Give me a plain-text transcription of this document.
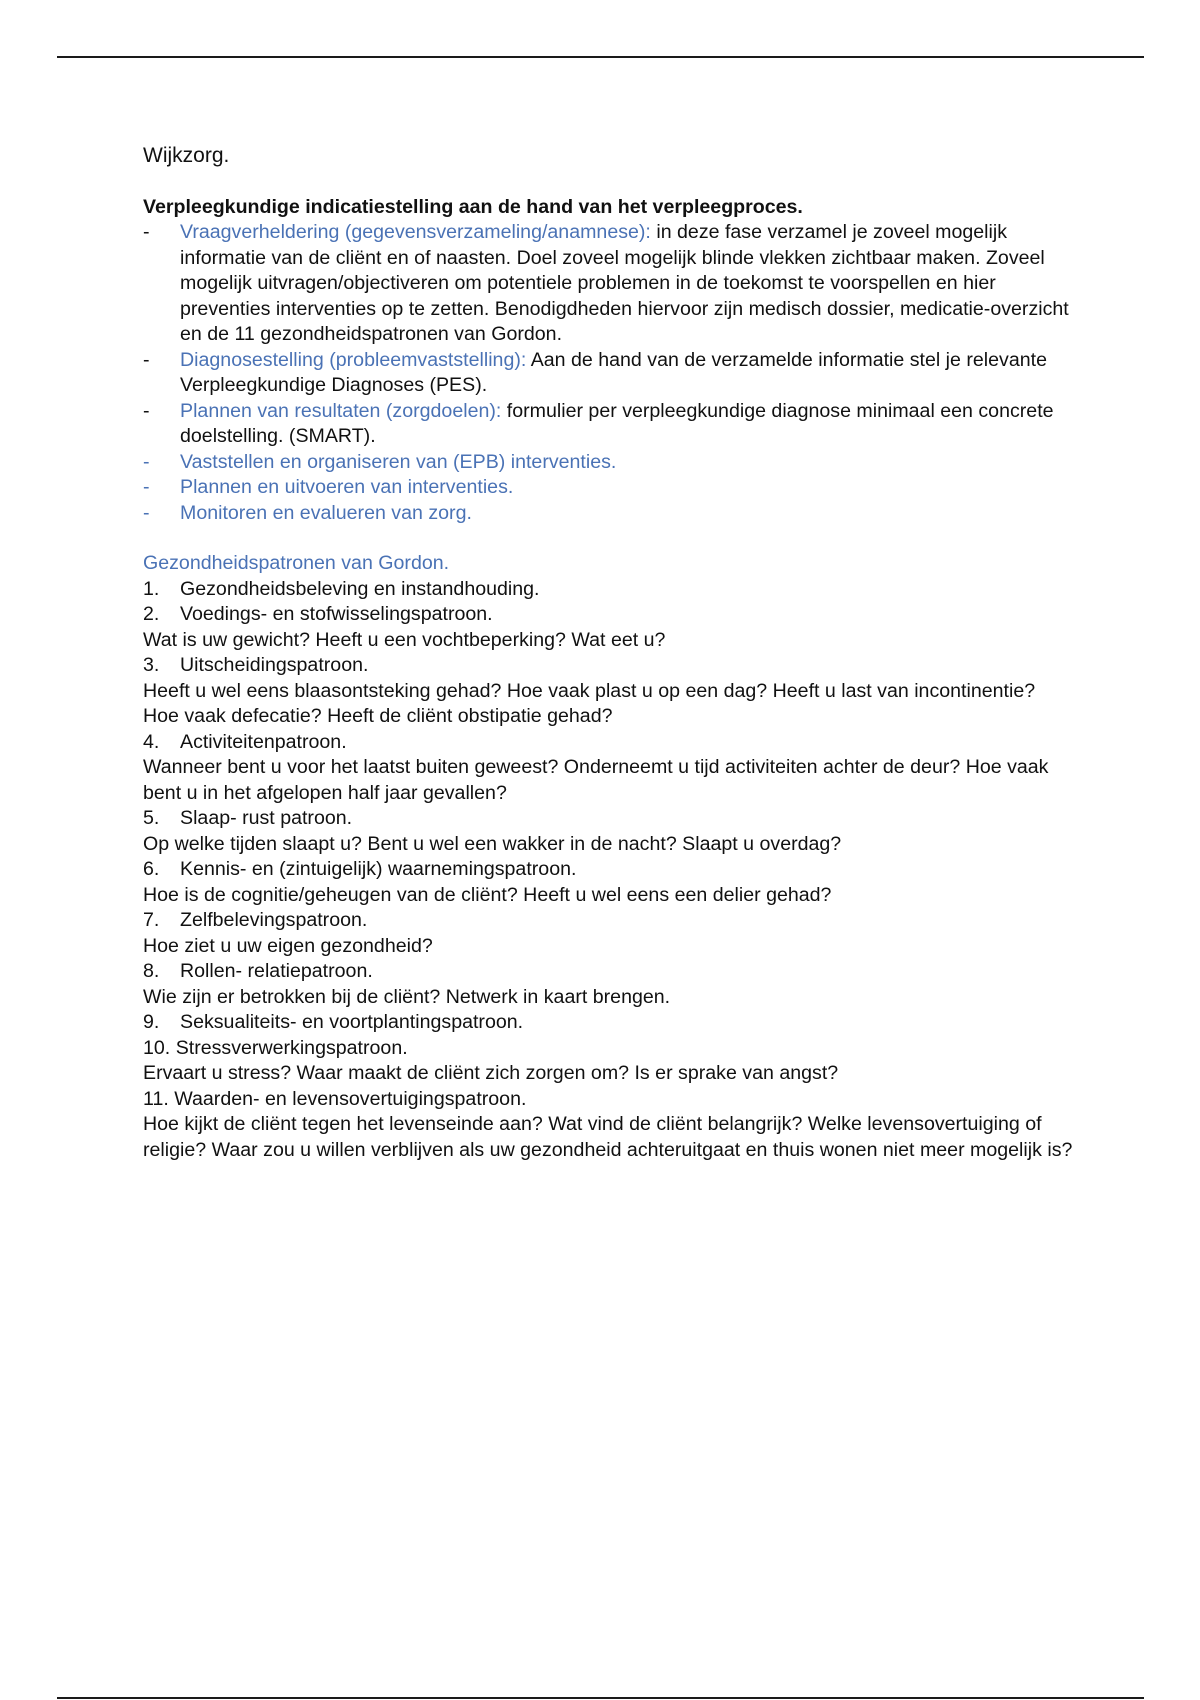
Wijkzorg.

Verpleegkundige indicatiestelling aan de hand van het verpleegproces.

- Vraagverheldering (gegevensverzameling/anamnese): in deze fase verzamel je zoveel mogelijk informatie van de cliënt en of naasten. Doel zoveel mogelijk blinde vlekken zichtbaar maken. Zoveel mogelijk uitvragen/objectiveren om potentiele problemen in de toekomst te voorspellen en hier preventies interventies op te zetten. Benodigdheden hiervoor zijn medisch dossier, medicatie-overzicht en de 11 gezondheidspatronen van Gordon.
- Diagnosestelling (probleemvaststelling): Aan de hand van de verzamelde informatie stel je relevante Verpleegkundige Diagnoses (PES).
- Plannen van resultaten (zorgdoelen): formulier per verpleegkundige diagnose minimaal een concrete doelstelling. (SMART).
- Vaststellen en organiseren van (EPB) interventies.
- Plannen en uitvoeren van interventies.
- Monitoren en evalueren van zorg.

Gezondheidspatronen van Gordon.

1. Gezondheidsbeleving en instandhouding.

2. Voedings- en stofwisselingspatroon.

Wat is uw gewicht? Heeft u een vochtbeperking? Wat eet u?

3. Uitscheidingspatroon.

Heeft u wel eens blaasontsteking gehad? Hoe vaak plast u op een dag? Heeft u last van incontinentie? Hoe vaak defecatie? Heeft de cliënt obstipatie gehad?

4. Activiteitenpatroon.

Wanneer bent u voor het laatst buiten geweest? Onderneemt u tijd activiteiten achter de deur? Hoe vaak bent u in het afgelopen half jaar gevallen?

5. Slaap- rust patroon.

Op welke tijden slaapt u? Bent u wel een wakker in de nacht? Slaapt u overdag?

6. Kennis- en (zintuigelijk) waarnemingspatroon.

Hoe is de cognitie/geheugen van de cliënt? Heeft u wel eens een delier gehad?

7. Zelfbelevingspatroon.

Hoe ziet u uw eigen gezondheid?

8. Rollen- relatiepatroon.

Wie zijn er betrokken bij de cliënt? Netwerk in kaart brengen.

9. Seksualiteits- en voortplantingspatroon.

10. Stressverwerkingspatroon.

Ervaart u stress? Waar maakt de cliënt zich zorgen om? Is er sprake van angst?

11. Waarden- en levensovertuigingspatroon.

Hoe kijkt de cliënt tegen het levenseinde aan? Wat vind de cliënt belangrijk? Welke levensovertuiging of religie? Waar zou u willen verblijven als uw gezondheid achteruitgaat en thuis wonen niet meer mogelijk is?
